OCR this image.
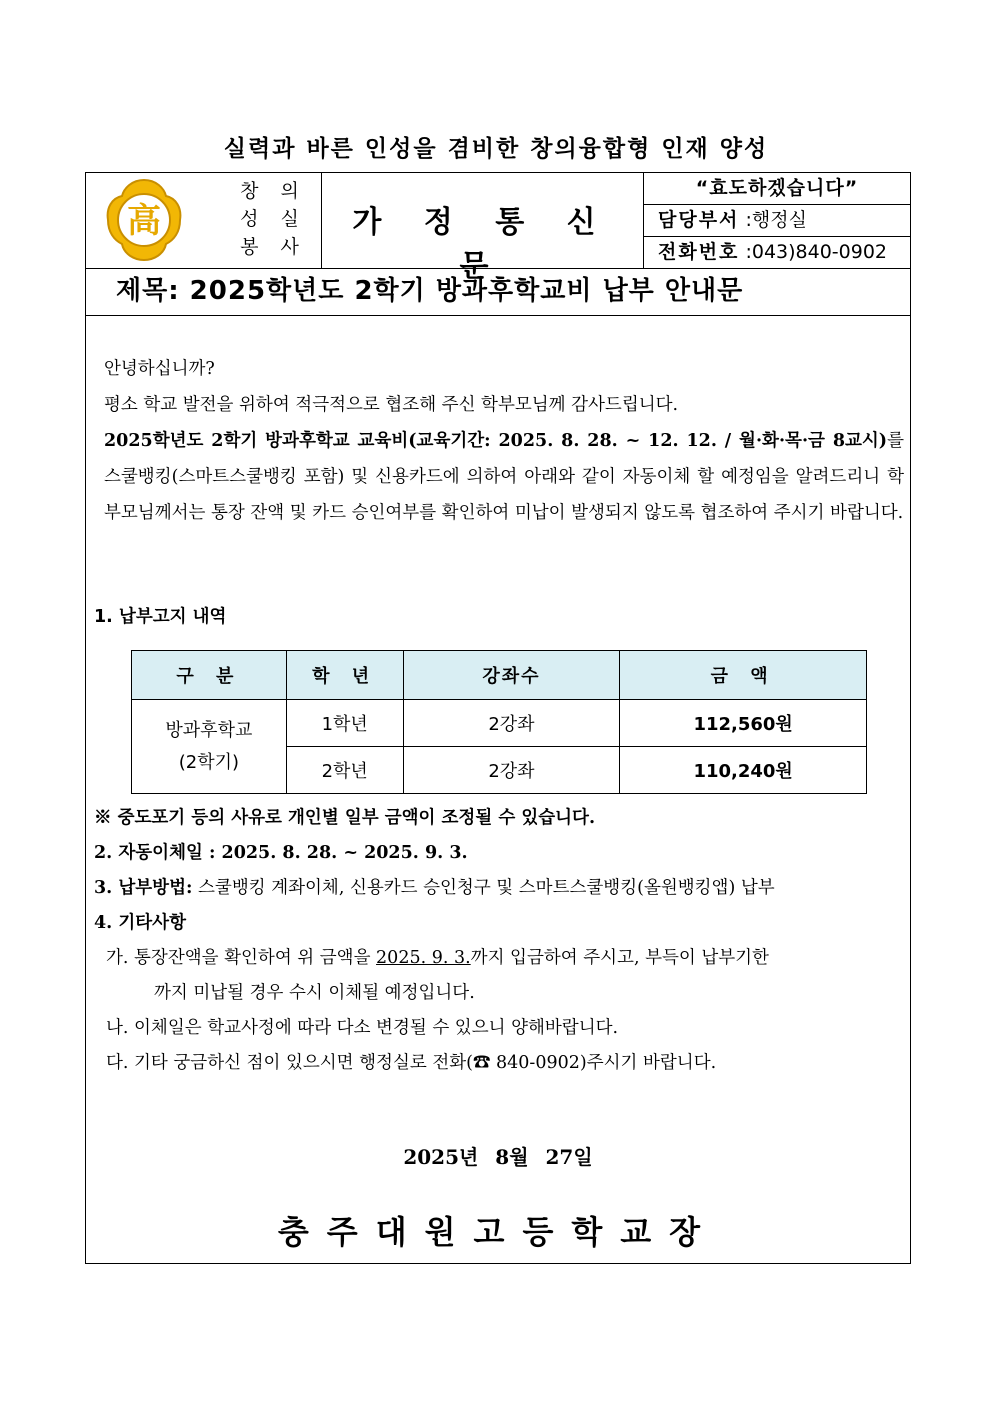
실력과 바른 인성을 겸비한 창의융합형 인재 양성
高
창 의
성 실
봉 사
가 정 통 신 문
“효도하겠습니다”
담당부서 :행정실
전화번호 :043)840-0902
제목: 2025학년도 2학기 방과후학교비 납부 안내문

안녕하십니까?

평소 학교 발전을 위하여 적극적으로 협조해 주신 학부모님께 감사드립니다.

2025학년도 2학기 방과후학교 교육비(교육기간: 2025. 8. 28. ~ 12. 12. / 월·화·목·금 8교시)를 스쿨뱅킹(스마트스쿨뱅킹 포함) 및 신용카드에 의하여 아래와 같이 자동이체 할 예정임을 알려드리니 학부모님께서는 통장 잔액 및 카드 승인여부를 확인하여 미납이 발생되지 않도록 협조하여 주시기 바랍니다.

1. 납부고지 내역
구 분	학 년	강좌수	금 액

방과후학교
(2학기)	1학년	2강좌	112,560원
	2학년	2강좌	110,240원

※ 중도포기 등의 사유로 개인별 일부 금액이 조정될 수 있습니다.

2. 자동이체일 : 2025. 8. 28. ~ 2025. 9. 3.

3. 납부방법: 스쿨뱅킹 계좌이체, 신용카드 승인청구 및 스마트스쿨뱅킹(올원뱅킹앱) 납부

4. 기타사항

가. 통장잔액을 확인하여 위 금액을 2025. 9. 3.까지 입금하여 주시고, 부득이 납부기한

까지 미납될 경우 수시 이체될 예정입니다.

나. 이체일은 학교사정에 따라 다소 변경될 수 있으니 양해바랍니다.

다. 기타 궁금하신 점이 있으시면 행정실로 전화(☎ 840-0902)주시기 바랍니다.

2025년 8월 27일
충주대원고등학교장
